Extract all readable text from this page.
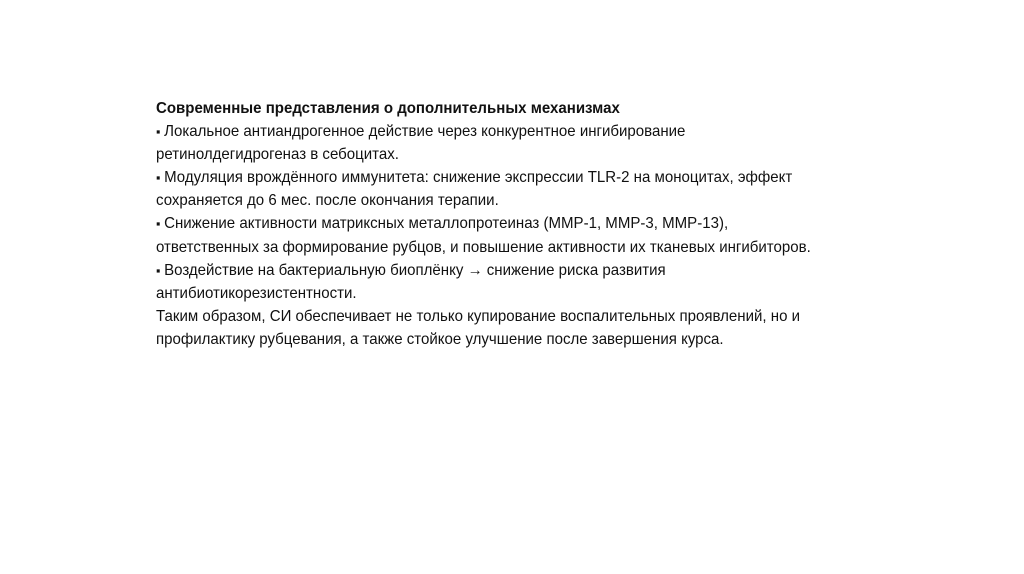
Современные представления о дополнительных механизмах
▪ Локальное антиандрогенное действие через конкурентное ингибирование ретинолдегидрогеназ в себоцитах.
▪ Модуляция врождённого иммунитета: снижение экспрессии TLR-2 на моноцитах, эффект сохраняется до 6 мес. после окончания терапии.
▪ Снижение активности матриксных металлопротеиназ (MMP-1, MMP-3, MMP-13), ответственных за формирование рубцов, и повышение активности их тканевых ингибиторов.
▪ Воздействие на бактериальную биоплёнку → снижение риска развития антибиотикорезистентности.
Таким образом, СИ обеспечивает не только купирование воспалительных проявлений, но и профилактику рубцевания, а также стойкое улучшение после завершения курса.
